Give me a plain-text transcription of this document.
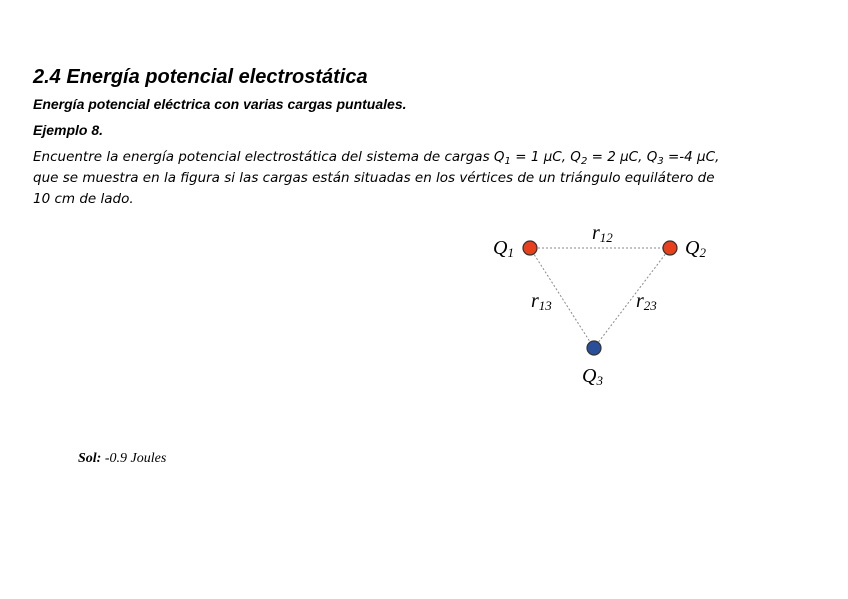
2.4 Energía potencial electrostática
Energía potencial eléctrica con varias cargas puntuales.
Ejemplo 8.
Encuentre la energía potencial electrostática del sistema de cargas $Q_1 = 1$ μC, $Q_2 = 2$ μC, $Q_3 =-4$ μC,
que se muestra en la figura si las cargas están situadas en los vértices de un triángulo equilátero de
10 cm de lado.
Q1	Q2
Q3
r12
r13	r23
Sol: -0.9 Joules
